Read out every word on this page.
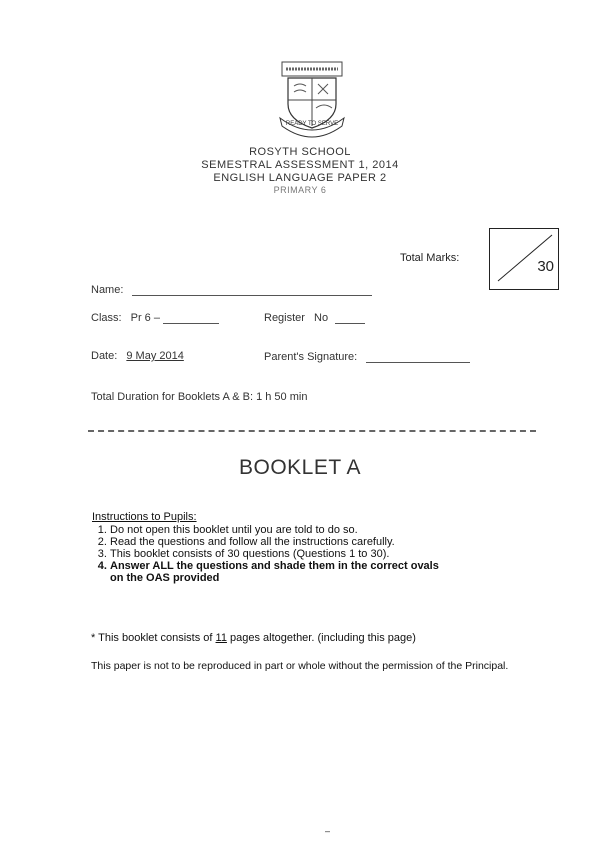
READY TO SERVE
ROSYTH SCHOOL
SEMESTRAL ASSESSMENT 1, 2014
ENGLISH LANGUAGE PAPER 2
PRIMARY 6
Total Marks:	30
Name:
Class: Pr 6 –	Register No
Date: 9 May 2014	Parent's Signature:
Total Duration for Booklets A & B: 1 h 50 min
BOOKLET A
Instructions to Pupils:
1. Do not open this booklet until you are told to do so.
2. Read the questions and follow all the instructions carefully.
3. This booklet consists of 30 questions (Questions 1 to 30).
4. Answer ALL the questions and shade them in the correct ovals on the OAS provided
* This booklet consists of 11 pages altogether. (including this page)
This paper is not to be reproduced in part or whole without the permission of the Principal.
–
